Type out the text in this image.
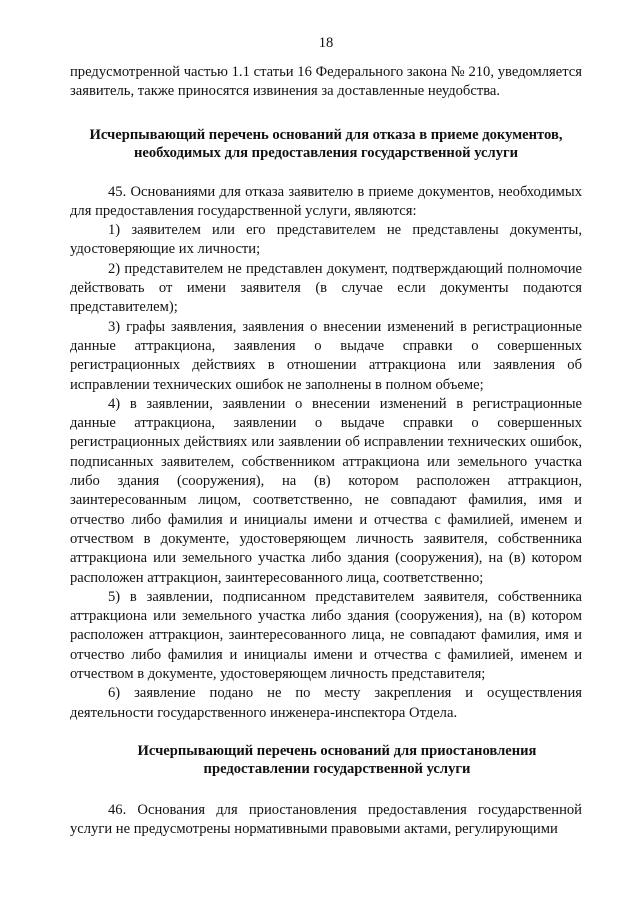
18

предусмотренной частью 1.1 статьи 16 Федерального закона № 210, уведомляется заявитель, также приносятся извинения за доставленные неудобства.

Исчерпывающий перечень оснований для отказа в приеме документов,
необходимых для предоставления государственной услуги

45. Основаниями для отказа заявителю в приеме документов, необходимых для предоставления государственной услуги, являются:

1) заявителем или его представителем не представлены документы, удостоверяющие их личности;

2) представителем не представлен документ, подтверждающий полномочие действовать от имени заявителя (в случае если документы подаются представителем);

3) графы заявления, заявления о внесении изменений в регистрационные данные аттракциона, заявления о выдаче справки о совершенных регистрационных действиях в отношении аттракциона или заявления об исправлении технических ошибок не заполнены в полном объеме;

4) в заявлении, заявлении о внесении изменений в регистрационные данные аттракциона, заявлении о выдаче справки о совершенных регистрационных действиях или заявлении об исправлении технических ошибок, подписанных заявителем, собственником аттракциона или земельного участка либо здания (сооружения), на (в) котором расположен аттракцион, заинтересованным лицом, соответственно, не совпадают фамилия, имя и отчество либо фамилия и инициалы имени и отчества с фамилией, именем и отчеством в документе, удостоверяющем личность заявителя, собственника аттракциона или земельного участка либо здания (сооружения), на (в) котором расположен аттракцион, заинтересованного лица, соответственно;

5) в заявлении, подписанном представителем заявителя, собственника аттракциона или земельного участка либо здания (сооружения), на (в) котором расположен аттракцион, заинтересованного лица, не совпадают фамилия, имя и отчество либо фамилия и инициалы имени и отчества с фамилией, именем и отчеством в документе, удостоверяющем личность представителя;

6) заявление подано не по месту закрепления и осуществления деятельности государственного инженера-инспектора Отдела.

Исчерпывающий перечень оснований для приостановления
предоставлении государственной услуги

46. Основания для приостановления предоставления государственной услуги не предусмотрены нормативными правовыми актами, регулирующими
